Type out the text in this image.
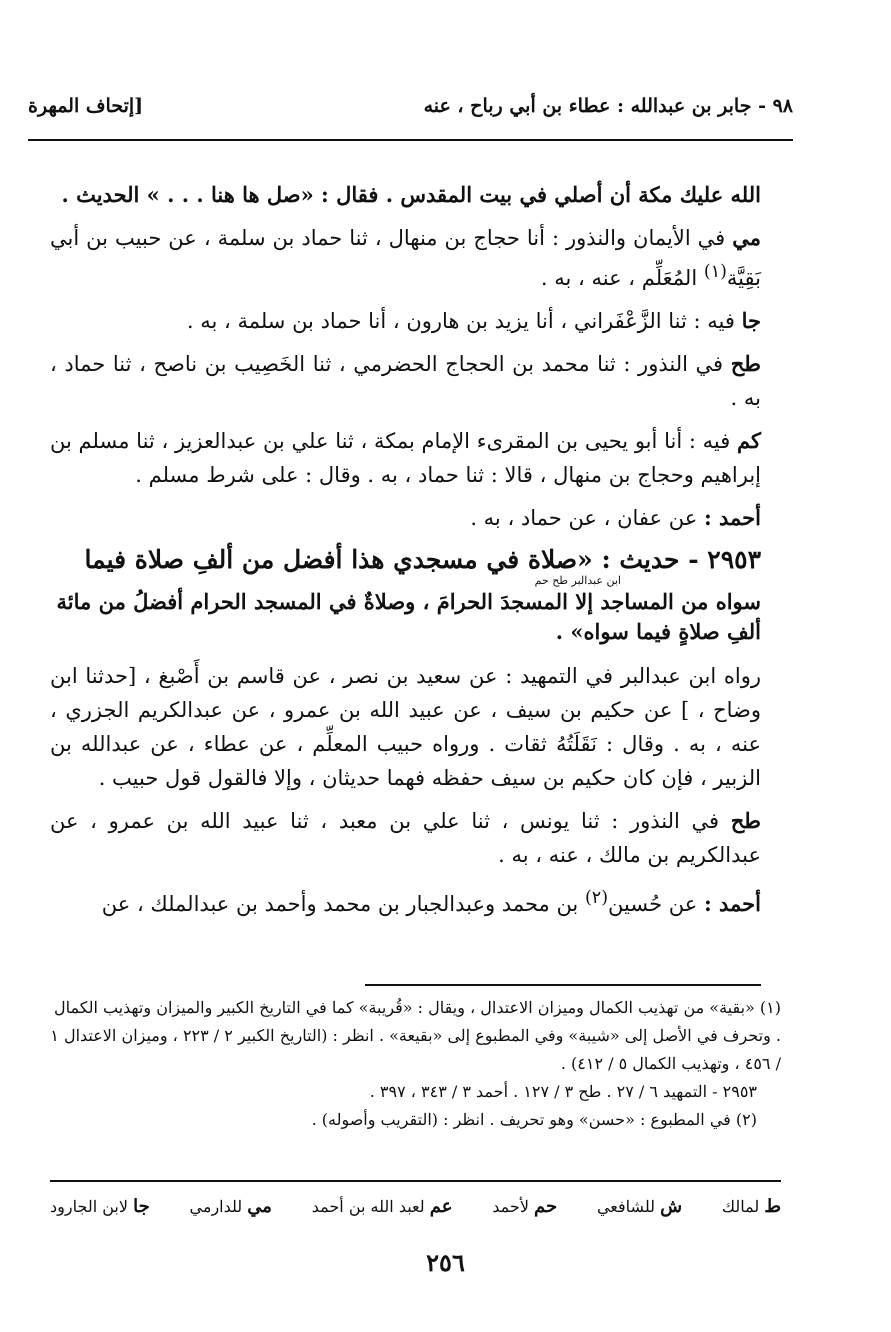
[إتحاف المهرة	٩٨ - جابر بن عبدالله : عطاء بن أبي رباح ، عنه

الله عليك مكة أن أصلي في بيت المقدس . فقال : «صل ها هنا . . . » الحديث .

مي في الأيمان والنذور : أنا حجاج بن منهال ، ثنا حماد بن سلمة ، عن حبيب بن أبي بَقِيَّة$^{(١)}$ المُعَلِّم ، عنه ، به .

جا فيه : ثنا الزَّعْفَراني ، أنا يزيد بن هارون ، أنا حماد بن سلمة ، به .

طح في النذور : ثنا محمد بن الحجاج الحضرمي ، ثنا الخَصِيب بن ناصح ، ثنا حماد ، به .

كم فيه : أنا أبو يحيى بن المقرىء الإمام بمكة ، ثنا علي بن عبدالعزيز ، ثنا مسلم بن إبراهيم وحجاج بن منهال ، قالا : ثنا حماد ، به . وقال : على شرط مسلم .

أحمد : عن عفان ، عن حماد ، به .

٢٩٥٣ - حديث : «صلاة في مسجدي هذا أفضل من ألفِ صلاة فيما

ابن عبدالبر طح حم

سواه من المساجد إلا المسجدَ الحرامَ ، وصلاةٌ في المسجد الحرام أفضلُ من مائة ألفِ صلاةٍ فيما سواه» .

رواه ابن عبدالبر في التمهيد : عن سعيد بن نصر ، عن قاسم بن أَصْبغ ، [حدثنا ابن وضاح ، ] عن حكيم بن سيف ، عن عبيد الله بن عمرو ، عن عبدالكريم الجزري ، عنه ، به . وقال : نَقَلَتُهُ ثقات . ورواه حبيب المعلِّم ، عن عطاء ، عن عبدالله بن الزبير ، فإن كان حكيم بن سيف حفظه فهما حديثان ، وإلا فالقول قول حبيب .

طح في النذور : ثنا يونس ، ثنا علي بن معبد ، ثنا عبيد الله بن عمرو ، عن عبدالكريم بن مالك ، عنه ، به .

أحمد : عن حُسين$^{(٢)}$ بن محمد وعبدالجبار بن محمد وأحمد بن عبدالملك ، عن

(١) «بقية» من تهذيب الكمال وميزان الاعتدال ، ويقال : «قُريبة» كما في التاريخ الكبير والميزان وتهذيب الكمال . وتحرف في الأصل إلى «شيبة» وفي المطبوع إلى «بقيعة» . انظر : (التاريخ الكبير ٢ / ٢٢٣ ، وميزان الاعتدال ١ / ٤٥٦ ، وتهذيب الكمال ٥ / ٤١٢) .

٢٩٥٣ - التمهيد ٦ / ٢٧ . طح ٣ / ١٢٧ . أحمد ٣ / ٣٤٣ ، ٣٩٧ .

(٢) في المطبوع : «حسن» وهو تحريف . انظر : (التقريب وأصوله) .

ط لمالك
ش للشافعي
حم لأحمد
عم لعبد الله بن أحمد
مي للدارمي
جا لابن الجارود
٢٥٦
